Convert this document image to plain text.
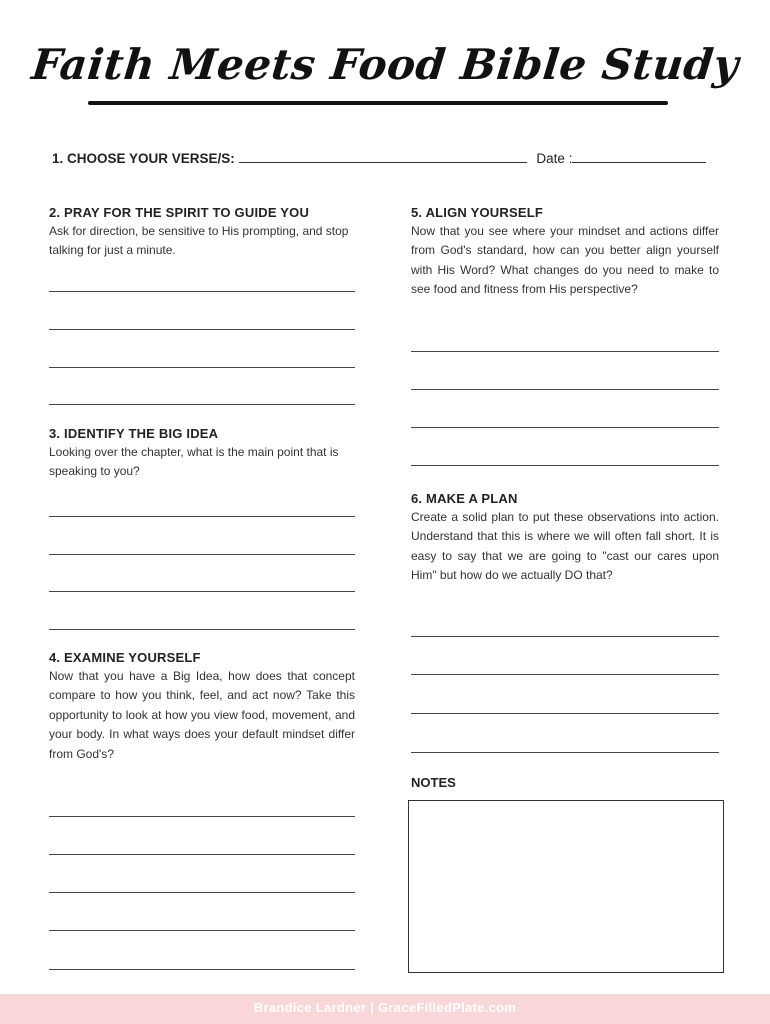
Faith Meets Food Bible Study
1. CHOOSE YOUR VERSE/S:	Date :

2. PRAY FOR THE SPIRIT TO GUIDE YOU

Ask for direction, be sensitive to His prompting, and stop talking for just a minute.

3. IDENTIFY THE BIG IDEA

Looking over the chapter, what is the main point that is speaking to you?

4. EXAMINE YOURSELF

Now that you have a Big Idea, how does that concept compare to how you think, feel, and act now? Take this opportunity to look at how you view food, movement, and your body. In what ways does your default mindset differ from God's?

5. ALIGN YOURSELF

Now that you see where your mindset and actions differ from God's standard, how can you better align yourself with His Word? What changes do you need to make to see food and fitness from His perspective?

6. MAKE A PLAN

Create a solid plan to put these observations into action. Understand that this is where we will often fall short. It is easy to say that we are going to "cast our cares upon Him" but how do we actually DO that?

NOTES

Brandice Lardner | GraceFilledPlate.com
